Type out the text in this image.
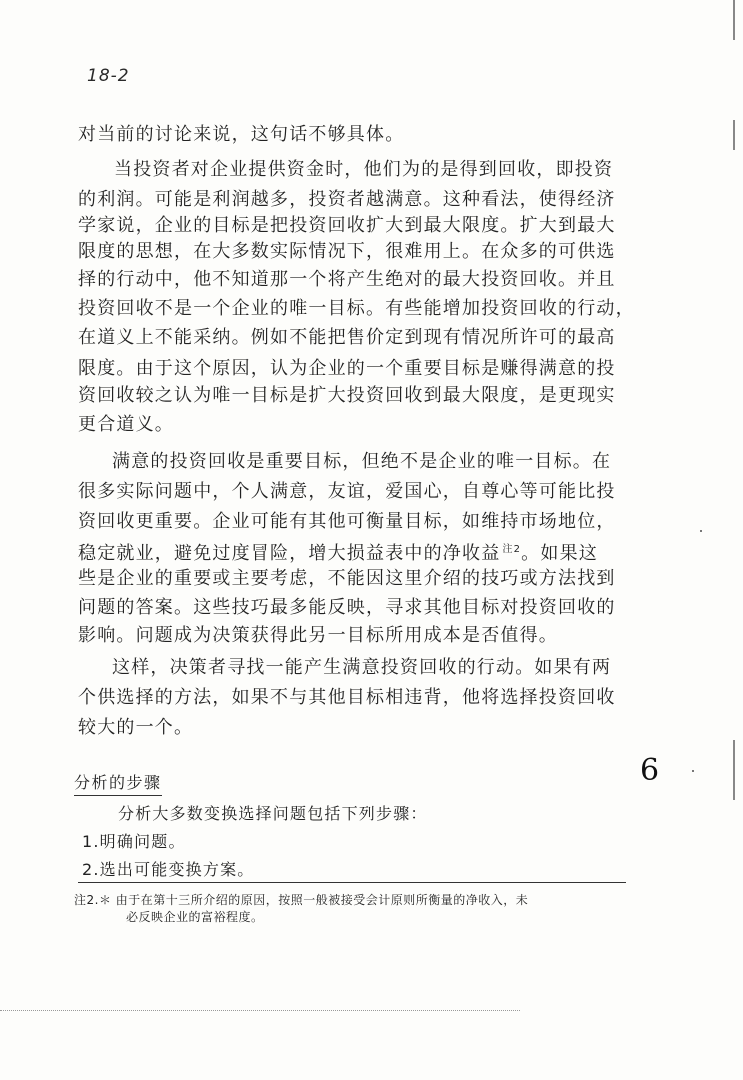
18-2
对当前的讨论来说，这句话不够具体。
当投资者对企业提供资金时，他们为的是得到回收，即投资
的利润。可能是利润越多，投资者越满意。这种看法，使得经济
学家说，企业的目标是把投资回收扩大到最大限度。扩大到最大
限度的思想，在大多数实际情况下，很难用上。在众多的可供选
择的行动中，他不知道那一个将产生绝对的最大投资回收。并且
投资回收不是一个企业的唯一目标。有些能增加投资回收的行动，
在道义上不能采纳。例如不能把售价定到现有情况所许可的最高
限度。由于这个原因，认为企业的一个重要目标是赚得满意的投
资回收较之认为唯一目标是扩大投资回收到最大限度，是更现实
更合道义。
满意的投资回收是重要目标，但绝不是企业的唯一目标。在
很多实际问题中，个人满意，友谊，爱国心，自尊心等可能比投
资回收更重要。企业可能有其他可衡量目标，如维持市场地位，
稳定就业，避免过度冒险，增大损益表中的净收益 $^{注2}$。如果这
些是企业的重要或主要考虑，不能因这里介绍的技巧或方法找到
问题的答案。这些技巧最多能反映，寻求其他目标对投资回收的
影响。问题成为决策获得此另一目标所用成本是否值得。
这样，决策者寻找一能产生满意投资回收的行动。如果有两
个供选择的方法，如果不与其他目标相违背，他将选择投资回收
较大的一个。
分析的步骤	6
分析大多数变换选择问题包括下列步骤：
1.明确问题。
2.选出可能变换方案。
注2.＊ 由于在第十三所介绍的原因，按照一般被接受会计原则所衡量的净收入，未
必反映企业的富裕程度。
